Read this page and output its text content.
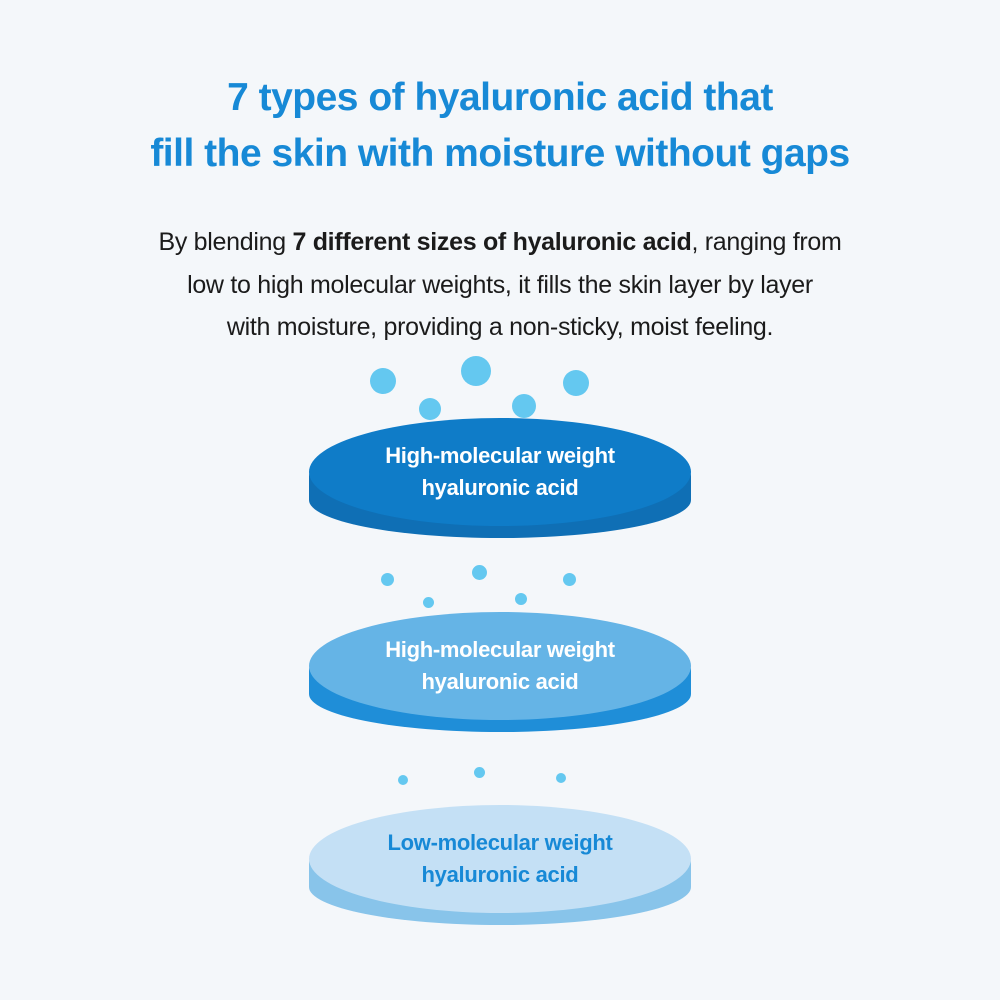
7 types of hyaluronic acid that
fill the skin with moisture without gaps

By blending 7 different sizes of hyaluronic acid, ranging from
low to high molecular weights, it fills the skin layer by layer
with moisture, providing a non-sticky, moist feeling.

High-molecular weight
hyaluronic acid
High-molecular weight
hyaluronic acid
Low-molecular weight
hyaluronic acid
